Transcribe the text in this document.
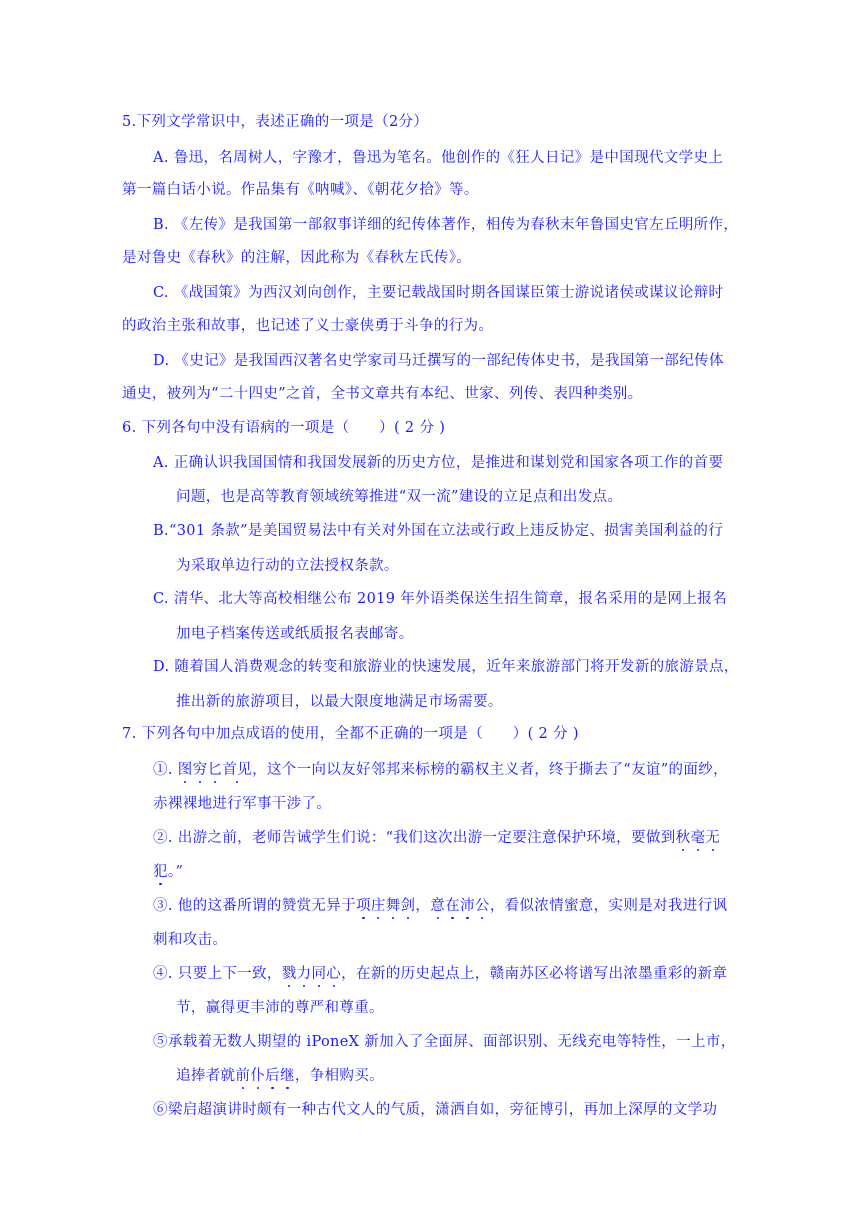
5.下列文学常识中，表述正确的一项是（2分）
A. 鲁迅，名周树人，字豫才，鲁迅为笔名。他创作的《狂人日记》是中国现代文学史上
第一篇白话小说。作品集有《呐喊》、《朝花夕拾》等。
B. 《左传》是我国第一部叙事详细的纪传体著作，相传为春秋末年鲁国史官左丘明所作，
是对鲁史《春秋》的注解，因此称为《春秋左氏传》。
C. 《战国策》为西汉刘向创作，主要记载战国时期各国谋臣策士游说诸侯或谋议论辩时
的政治主张和故事，也记述了义士豪侠勇于斗争的行为。
D. 《史记》是我国西汉著名史学家司马迁撰写的一部纪传体史书，是我国第一部纪传体
通史，被列为“二十四史”之首，全书文章共有本纪、世家、列传、表四种类别。
6. 下列各句中没有语病的一项是（　　）( 2 分 )
A. 正确认识我国国情和我国发展新的历史方位，是推进和谋划党和国家各项工作的首要
问题，也是高等教育领域统筹推进“双一流”建设的立足点和出发点。
B.“301 条款”是美国贸易法中有关对外国在立法或行政上违反协定、损害美国利益的行
为采取单边行动的立法授权条款。
C. 清华、北大等高校相继公布 2019 年外语类保送生招生简章，报名采用的是网上报名
加电子档案传送或纸质报名表邮寄。
D. 随着国人消费观念的转变和旅游业的快速发展，近年来旅游部门将开发新的旅游景点，
推出新的旅游项目，以最大限度地满足市场需要。
7. 下列各句中加点成语的使用，全都不正确的一项是（　　）( 2 分 )
①. 图穷匕首见，这个一向以友好邻邦来标榜的霸权主义者，终于撕去了“友谊”的面纱，
赤裸裸地进行军事干涉了。
②. 出游之前，老师告诫学生们说：“我们这次出游一定要注意保护环境，要做到秋毫无
犯。”
③. 他的这番所谓的赞赏无异于项庄舞剑，意在沛公，看似浓情蜜意，实则是对我进行讽
刺和攻击。
④. 只要上下一致，戮力同心，在新的历史起点上，赣南苏区必将谱写出浓墨重彩的新章
节，赢得更丰沛的尊严和尊重。
⑤承载着无数人期望的 iPoneX 新加入了全面屏、面部识别、无线充电等特性，一上市，
追捧者就前仆后继，争相购买。
⑥梁启超演讲时颇有一种古代文人的气质，潇洒自如，旁征博引，再加上深厚的文学功
